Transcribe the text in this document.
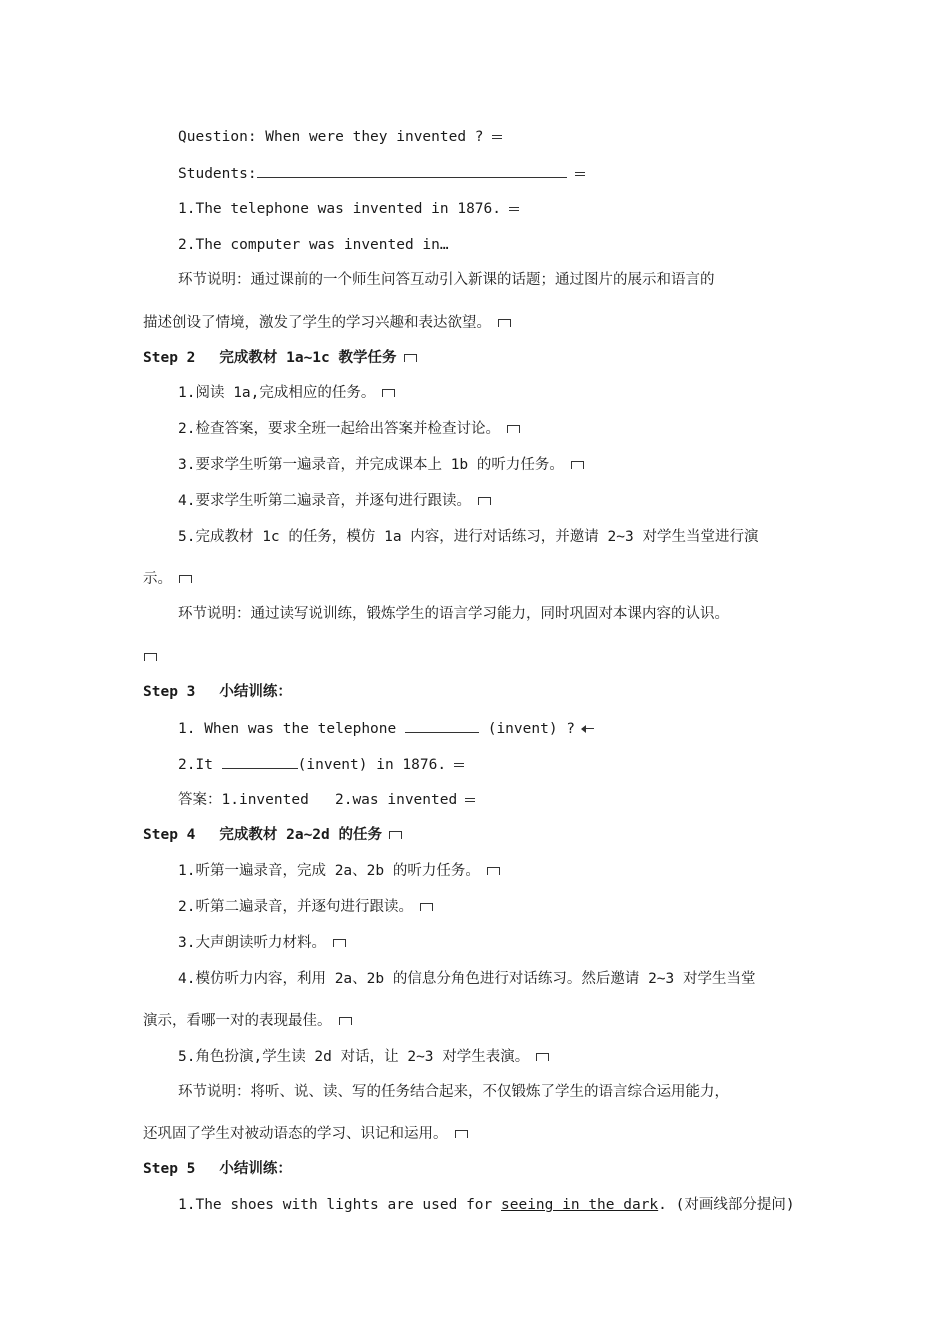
Question: When were they invented ?
Students:
1.The telephone was invented in 1876.
2.The computer was invented in…
环节说明：通过课前的一个师生问答互动引入新课的话题；通过图片的展示和语言的
描述创设了情境，激发了学生的学习兴趣和表达欲望。
Step 2 完成教材 1a~1c 教学任务
1.阅读 1a,完成相应的任务。
2.检查答案，要求全班一起给出答案并检查讨论。
3.要求学生听第一遍录音，并完成课本上 1b 的听力任务。
4.要求学生听第二遍录音，并逐句进行跟读。
5.完成教材 1c 的任务，模仿 1a 内容，进行对话练习，并邀请 2~3 对学生当堂进行演
示。
环节说明：通过读写说训练，锻炼学生的语言学习能力，同时巩固对本课内容的认识。
Step 3 小结训练：
1. When was the telephone	(invent) ?
2.It	(invent) in 1876.
答案：1.invented   2.was invented
Step 4 完成教材 2a~2d 的任务
1.听第一遍录音，完成 2a、2b 的听力任务。
2.听第二遍录音，并逐句进行跟读。
3.大声朗读听力材料。
4.模仿听力内容，利用 2a、2b 的信息分角色进行对话练习。然后邀请 2~3 对学生当堂
演示，看哪一对的表现最佳。
5.角色扮演,学生读 2d 对话，让 2~3 对学生表演。
环节说明：将听、说、读、写的任务结合起来，不仅锻炼了学生的语言综合运用能力，
还巩固了学生对被动语态的学习、识记和运用。
Step 5 小结训练：
1.The shoes with lights are used for seeing in the dark. (对画线部分提问)
